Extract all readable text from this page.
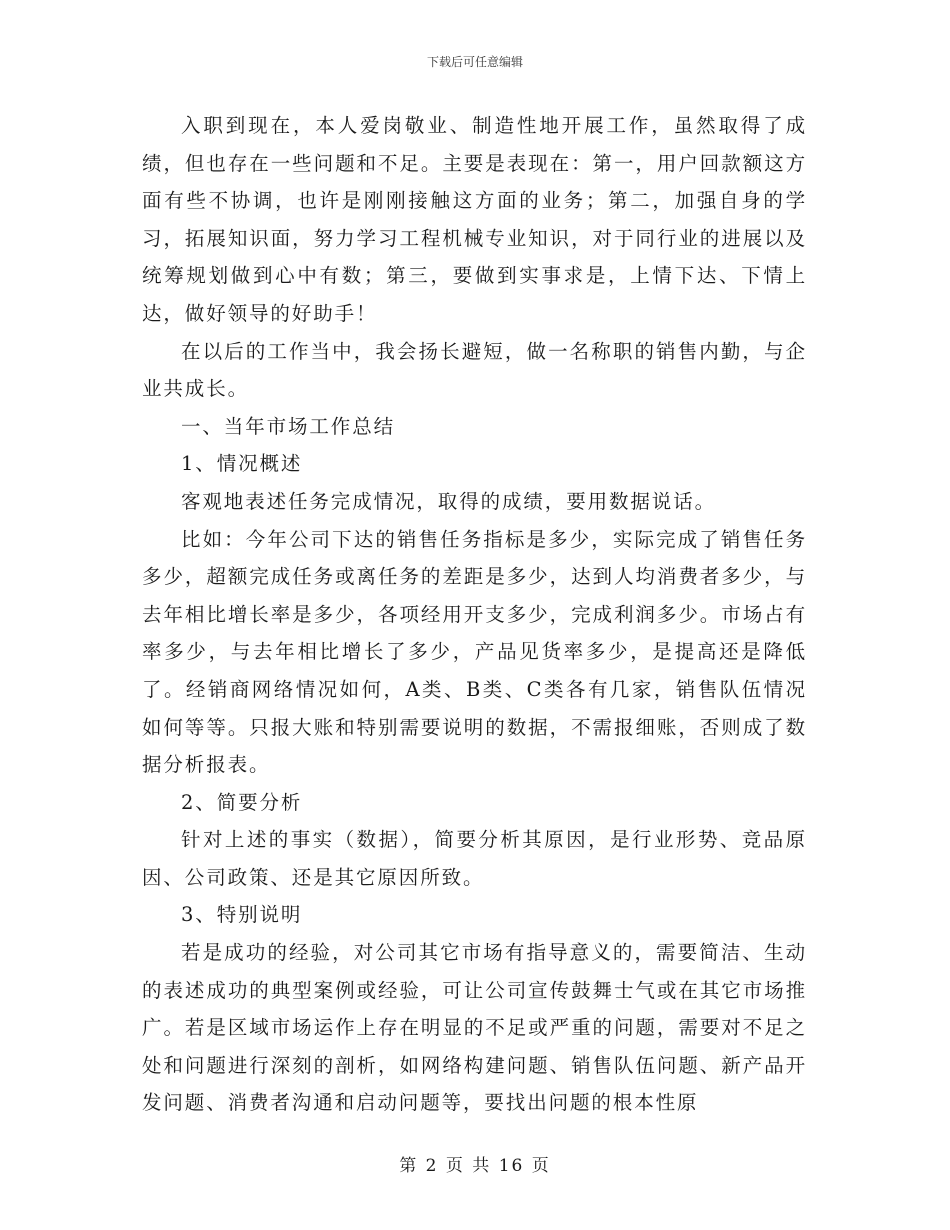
下载后可任意编辑

入职到现在，本人爱岗敬业、制造性地开展工作，虽然取得了成绩，但也存在一些问题和不足。主要是表现在：第一，用户回款额这方面有些不协调，也许是刚刚接触这方面的业务；第二，加强自身的学习，拓展知识面，努力学习工程机械专业知识，对于同行业的进展以及统筹规划做到心中有数；第三，要做到实事求是，上情下达、下情上达，做好领导的好助手！

在以后的工作当中，我会扬长避短，做一名称职的销售内勤，与企业共成长。

一、当年市场工作总结

1、情况概述

客观地表述任务完成情况，取得的成绩，要用数据说话。

比如：今年公司下达的销售任务指标是多少，实际完成了销售任务多少，超额完成任务或离任务的差距是多少，达到人均消费者多少，与去年相比增长率是多少，各项经用开支多少，完成利润多少。市场占有率多少，与去年相比增长了多少，产品见货率多少，是提高还是降低了。经销商网络情况如何，A类、B类、C类各有几家，销售队伍情况如何等等。只报大账和特别需要说明的数据，不需报细账，否则成了数据分析报表。

2、简要分析

针对上述的事实（数据），简要分析其原因，是行业形势、竞品原因、公司政策、还是其它原因所致。

3、特别说明

若是成功的经验，对公司其它市场有指导意义的，需要简洁、生动的表述成功的典型案例或经验，可让公司宣传鼓舞士气或在其它市场推广。若是区域市场运作上存在明显的不足或严重的问题，需要对不足之处和问题进行深刻的剖析，如网络构建问题、销售队伍问题、新产品开发问题、消费者沟通和启动问题等，要找出问题的根本性原

第 2 页 共 16 页
